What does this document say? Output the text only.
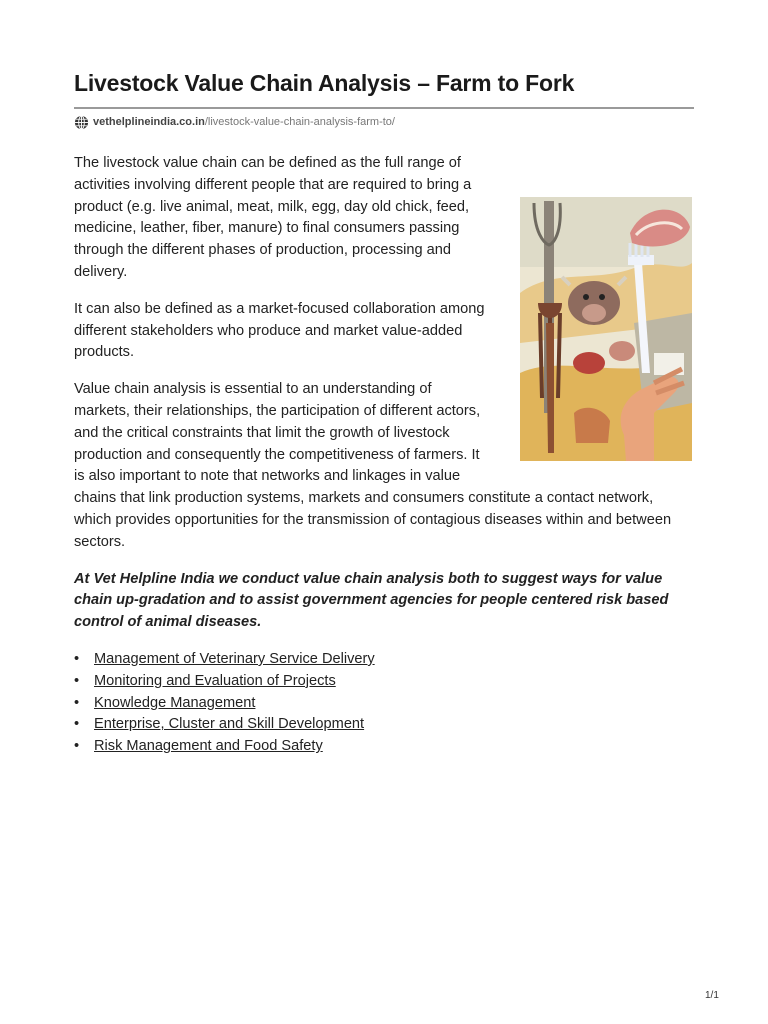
Livestock Value Chain Analysis – Farm to Fork
vethelplineindia.co.in /livestock-value-chain-analysis-farm-to/

The livestock value chain can be defined as the full range of activities involving different people that are required to bring a product (e.g. live animal, meat, milk, egg, day old chick, feed, medicine, leather, fiber, manure) to final consumers passing through the different phases of production, processing and delivery.

It can also be defined as a market-focused collaboration among different stakeholders who produce and market value-added products.

Value chain analysis is essential to an understanding of markets, their relationships, the participation of different actors, and the critical constraints that limit the growth of livestock production and consequently the competitiveness of farmers. It is also important to note that networks and linkages in value chains that link production systems, markets and consumers constitute a contact network, which provides opportunities for the transmission of contagious diseases within and between sectors.

At Vet Helpline India we conduct value chain analysis both to suggest ways for value chain up-gradation and to assist government agencies for people centered risk based control of animal diseases.

• Management of Veterinary Service Delivery
• Monitoring and Evaluation of Projects
• Knowledge Management
• Enterprise, Cluster and Skill Development
• Risk Management and Food Safety
1/1
